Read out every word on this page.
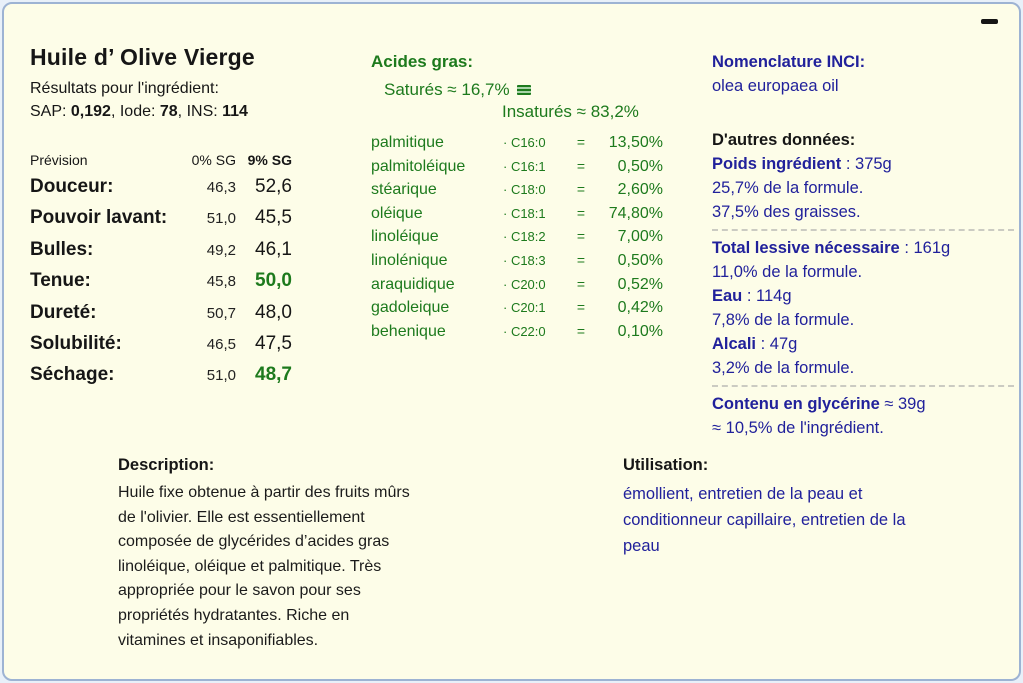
Huile d’ Olive Vierge
Résultats pour l'ingrédient:
SAP: 0,192, Iode: 78, INS: 114
Prévision	0% SG 9% SG
Douceur:	46,3	52,6
Pouvoir lavant:	51,0	45,5
Bulles:	49,2	46,1
Tenue:	45,8	50,0
Dureté:	50,7	48,0
Solubilité:	46,5	47,5
Séchage:	51,0	48,7
Acides gras:
Saturés ≈ 16,7%
Insaturés ≈ 83,2%
palmitique	· C16:0	=	13,50%
palmitoléique	· C16:1	=	0,50%
stéarique	· C18:0	=	2,60%
oléique	· C18:1	=	74,80%
linoléique	· C18:2	=	7,00%
linolénique	· C18:3	=	0,50%
araquidique	· C20:0	=	0,52%
gadoleique	· C20:1	=	0,42%
behenique	· C22:0	=	0,10%
Nomenclature INCI:
olea europaea oil
D'autres données:
Poids ingrédient : 375g
25,7% de la formule.
37,5% des graisses.
Total lessive nécessaire : 161g
11,0% de la formule.
Eau : 114g
7,8% de la formule.
Alcali : 47g
3,2% de la formule.
Contenu en glycérine ≈ 39g
≈ 10,5% de l'ingrédient.
Description:
Huile fixe obtenue à partir des fruits mûrs de l'olivier. Elle est essentiellement composée de glycérides d’acides gras linoléique, oléique et palmitique. Très appropriée pour le savon pour ses propriétés hydratantes. Riche en vitamines et insaponifiables.
Utilisation:
émollient, entretien de la peau et conditionneur capillaire, entretien de la peau
